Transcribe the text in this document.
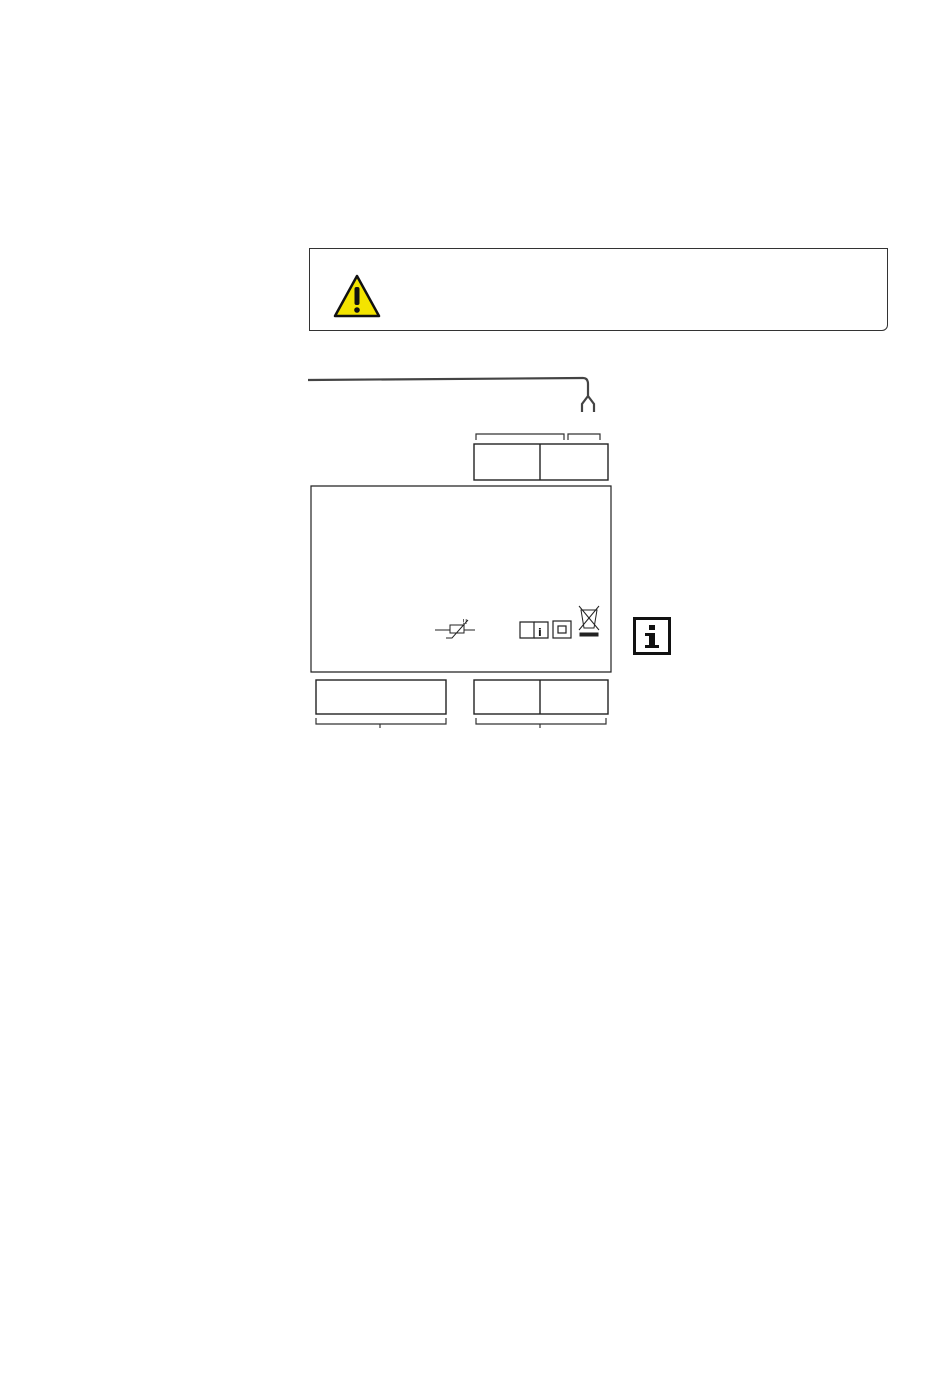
!!
i
